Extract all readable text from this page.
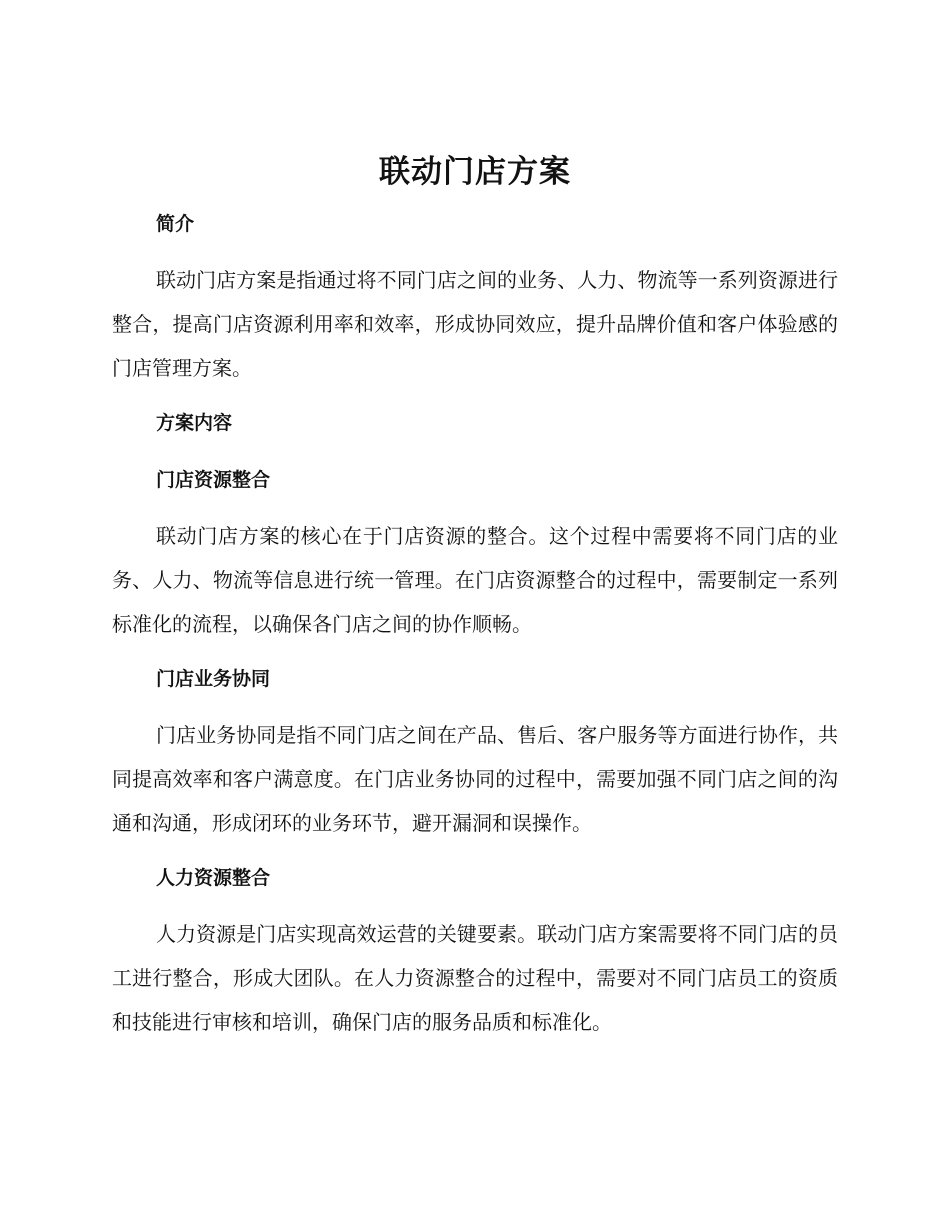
联动门店方案
简介

联动门店方案是指通过将不同门店之间的业务、人力、物流等一系列资源进行整合，提高门店资源利用率和效率，形成协同效应，提升品牌价值和客户体验感的门店管理方案。

方案内容
门店资源整合

联动门店方案的核心在于门店资源的整合。这个过程中需要将不同门店的业务、人力、物流等信息进行统一管理。在门店资源整合的过程中，需要制定一系列标准化的流程，以确保各门店之间的协作顺畅。

门店业务协同

门店业务协同是指不同门店之间在产品、售后、客户服务等方面进行协作，共同提高效率和客户满意度。在门店业务协同的过程中，需要加强不同门店之间的沟通和沟通，形成闭环的业务环节，避开漏洞和误操作。

人力资源整合

人力资源是门店实现高效运营的关键要素。联动门店方案需要将不同门店的员工进行整合，形成大团队。在人力资源整合的过程中，需要对不同门店员工的资质和技能进行审核和培训，确保门店的服务品质和标准化。
